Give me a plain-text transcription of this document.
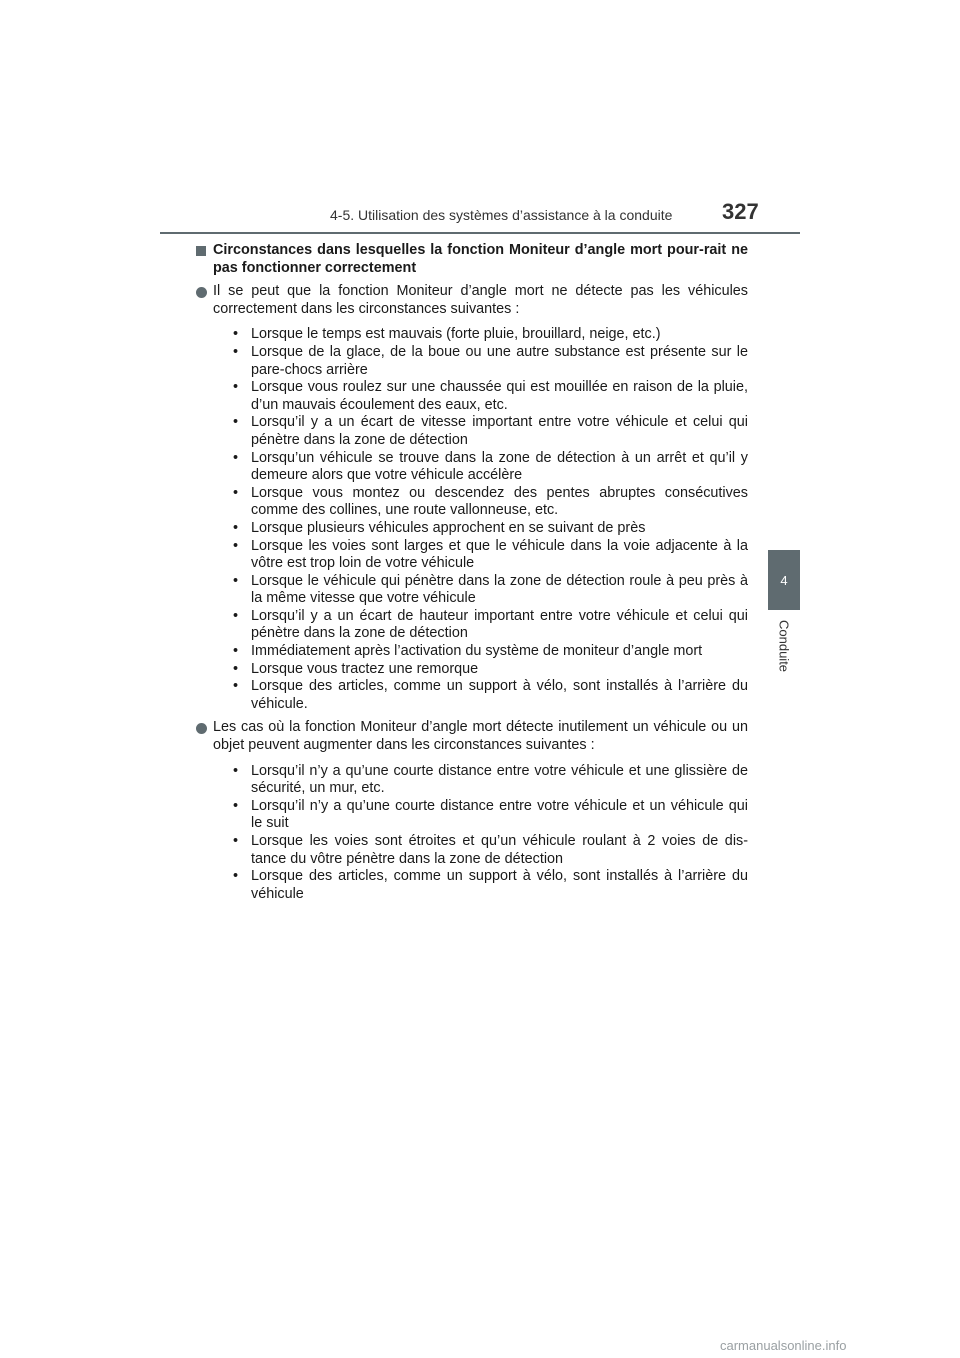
4-5. Utilisation des systèmes d’assistance à la conduite 327
4
Conduite
Circonstances dans lesquelles la fonction Moniteur d’angle mort pour-rait ne pas fonctionner correctement
Il se peut que la fonction Moniteur d’angle mort ne détecte pas les véhicules correctement dans les circonstances suivantes :
• Lorsque le temps est mauvais (forte pluie, brouillard, neige, etc.)
• Lorsque de la glace, de la boue ou une autre substance est présente sur le pare-chocs arrière
• Lorsque vous roulez sur une chaussée qui est mouillée en raison de la pluie, d’un mauvais écoulement des eaux, etc.
• Lorsqu’il y a un écart de vitesse important entre votre véhicule et celui qui pénètre dans la zone de détection
• Lorsqu’un véhicule se trouve dans la zone de détection à un arrêt et qu’il y demeure alors que votre véhicule accélère
• Lorsque vous montez ou descendez des pentes abruptes consécutives comme des collines, une route vallonneuse, etc.
• Lorsque plusieurs véhicules approchent en se suivant de près
• Lorsque les voies sont larges et que le véhicule dans la voie adjacente à la vôtre est trop loin de votre véhicule
• Lorsque le véhicule qui pénètre dans la zone de détection roule à peu près à la même vitesse que votre véhicule
• Lorsqu’il y a un écart de hauteur important entre votre véhicule et celui qui pénètre dans la zone de détection
• Immédiatement après l’activation du système de moniteur d’angle mort
• Lorsque vous tractez une remorque
• Lorsque des articles, comme un support à vélo, sont installés à l’arrière du véhicule.
Les cas où la fonction Moniteur d’angle mort détecte inutilement un véhicule ou un objet peuvent augmenter dans les circonstances suivantes :
• Lorsqu’il n’y a qu’une courte distance entre votre véhicule et une glissière de sécurité, un mur, etc.
• Lorsqu’il n’y a qu’une courte distance entre votre véhicule et un véhicule qui le suit
• Lorsque les voies sont étroites et qu’un véhicule roulant à 2 voies de dis-tance du vôtre pénètre dans la zone de détection
• Lorsque des articles, comme un support à vélo, sont installés à l’arrière du véhicule
carmanualsonline.info
